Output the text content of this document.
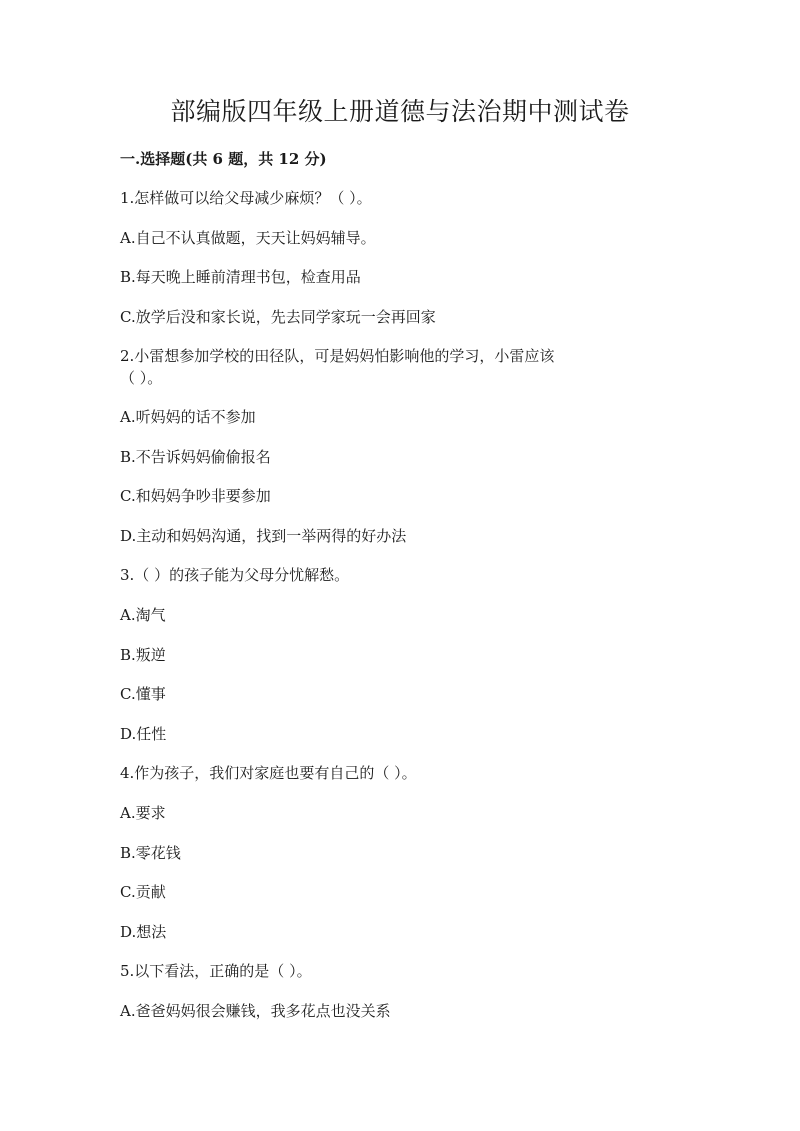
部编版四年级上册道德与法治期中测试卷

一.选择题(共 6 题，共 12 分)

1.怎样做可以给父母减少麻烦？（ ）。

A.自己不认真做题，天天让妈妈辅导。

B.每天晚上睡前清理书包，检查用品

C.放学后没和家长说，先去同学家玩一会再回家

2.小雷想参加学校的田径队，可是妈妈怕影响他的学习，小雷应该

（ ）。

A.听妈妈的话不参加

B.不告诉妈妈偷偷报名

C.和妈妈争吵非要参加

D.主动和妈妈沟通，找到一举两得的好办法

3.（ ）的孩子能为父母分忧解愁。

A.淘气

B.叛逆

C.懂事

D.任性

4.作为孩子，我们对家庭也要有自己的（ ）。

A.要求

B.零花钱

C.贡献

D.想法

5.以下看法，正确的是（ ）。

A.爸爸妈妈很会赚钱，我多花点也没关系
